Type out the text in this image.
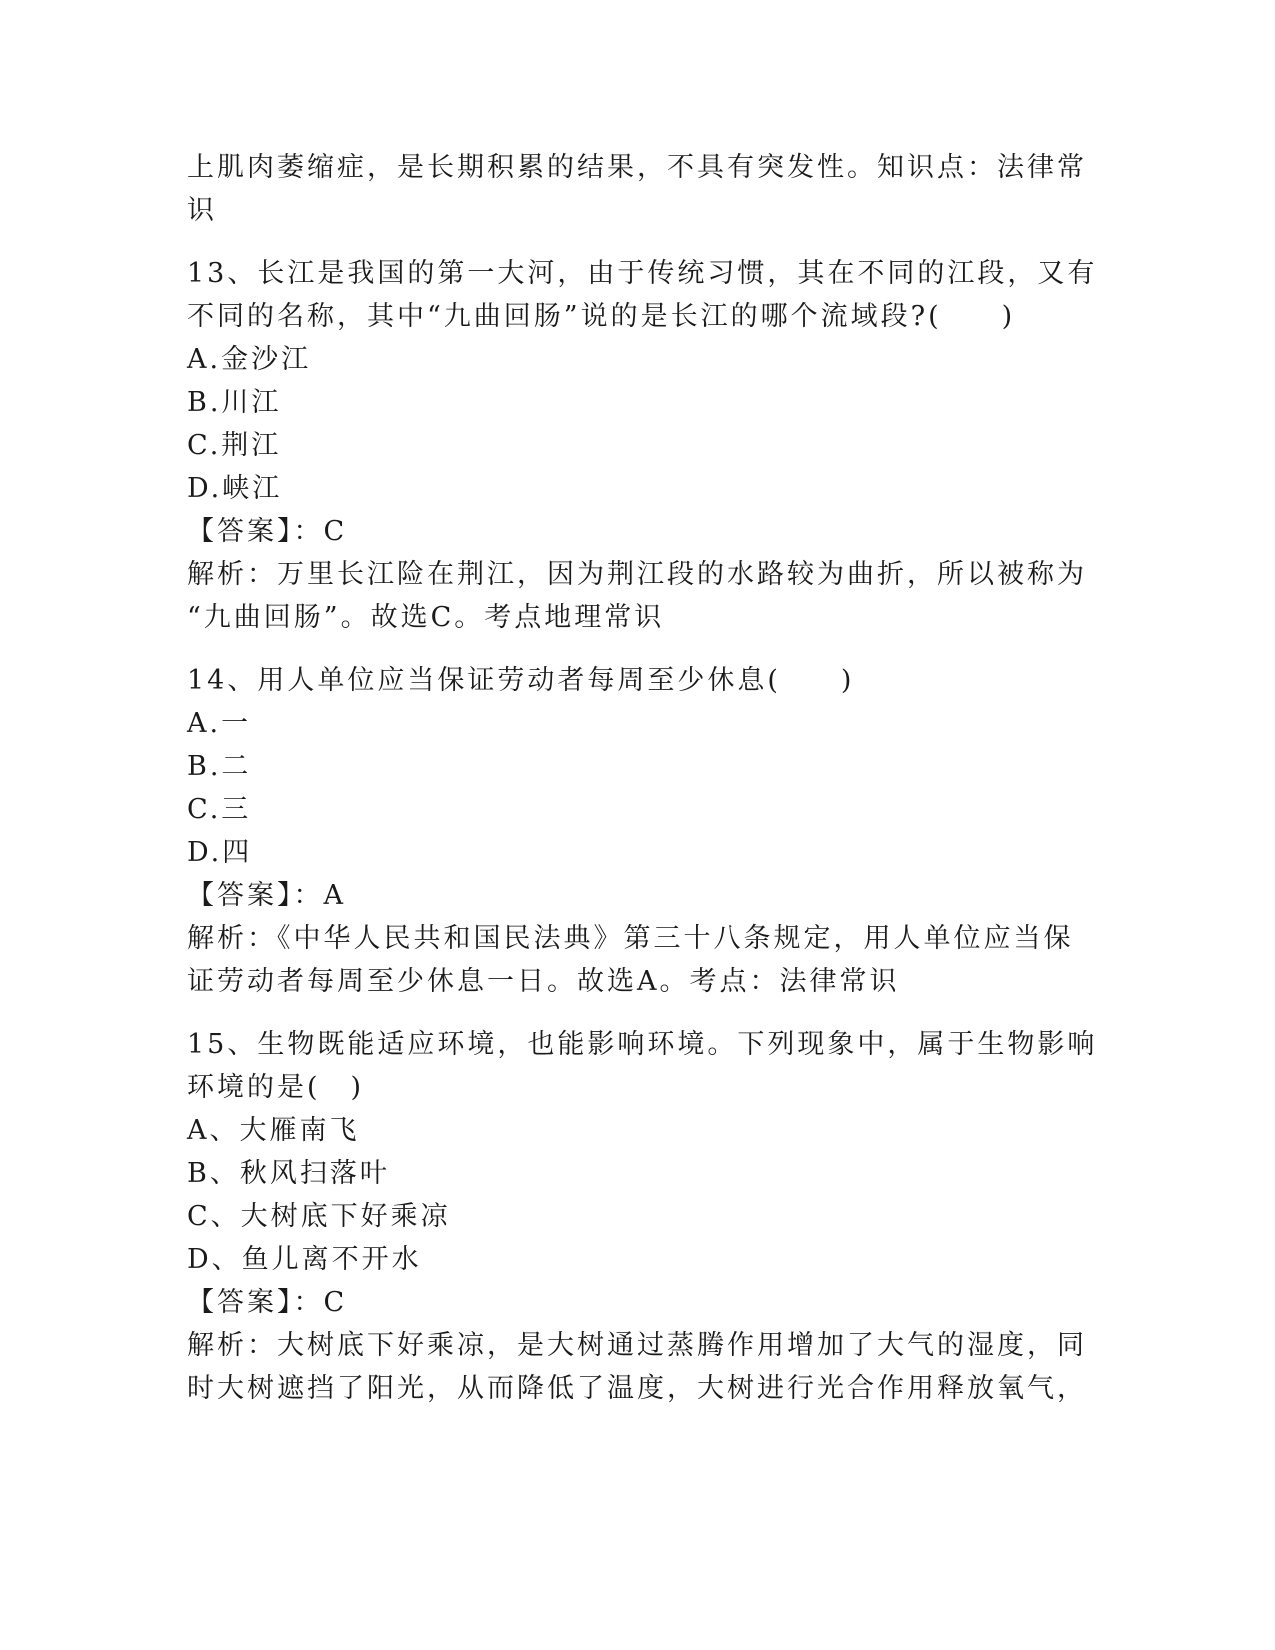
上肌肉萎缩症，是长期积累的结果，不具有突发性。知识点：法律常
识
13、长江是我国的第一大河，由于传统习惯，其在不同的江段，又有
不同的名称，其中“九曲回肠”说的是长江的哪个流域段?(　　)
A.金沙江
B.川江
C.荆江
D.峡江
【答案】：C
解析：万里长江险在荆江，因为荆江段的水路较为曲折，所以被称为
“九曲回肠”。故选C。考点地理常识
14、用人单位应当保证劳动者每周至少休息(　　)
A.一
B.二
C.三
D.四
【答案】：A
解析：《中华人民共和国民法典》第三十八条规定，用人单位应当保
证劳动者每周至少休息一日。故选A。考点：法律常识
15、生物既能适应环境，也能影响环境。下列现象中，属于生物影响
环境的是(　)
A、大雁南飞
B、秋风扫落叶
C、大树底下好乘凉
D、鱼儿离不开水
【答案】：C
解析：大树底下好乘凉，是大树通过蒸腾作用增加了大气的湿度，同
时大树遮挡了阳光，从而降低了温度，大树进行光合作用释放氧气，
